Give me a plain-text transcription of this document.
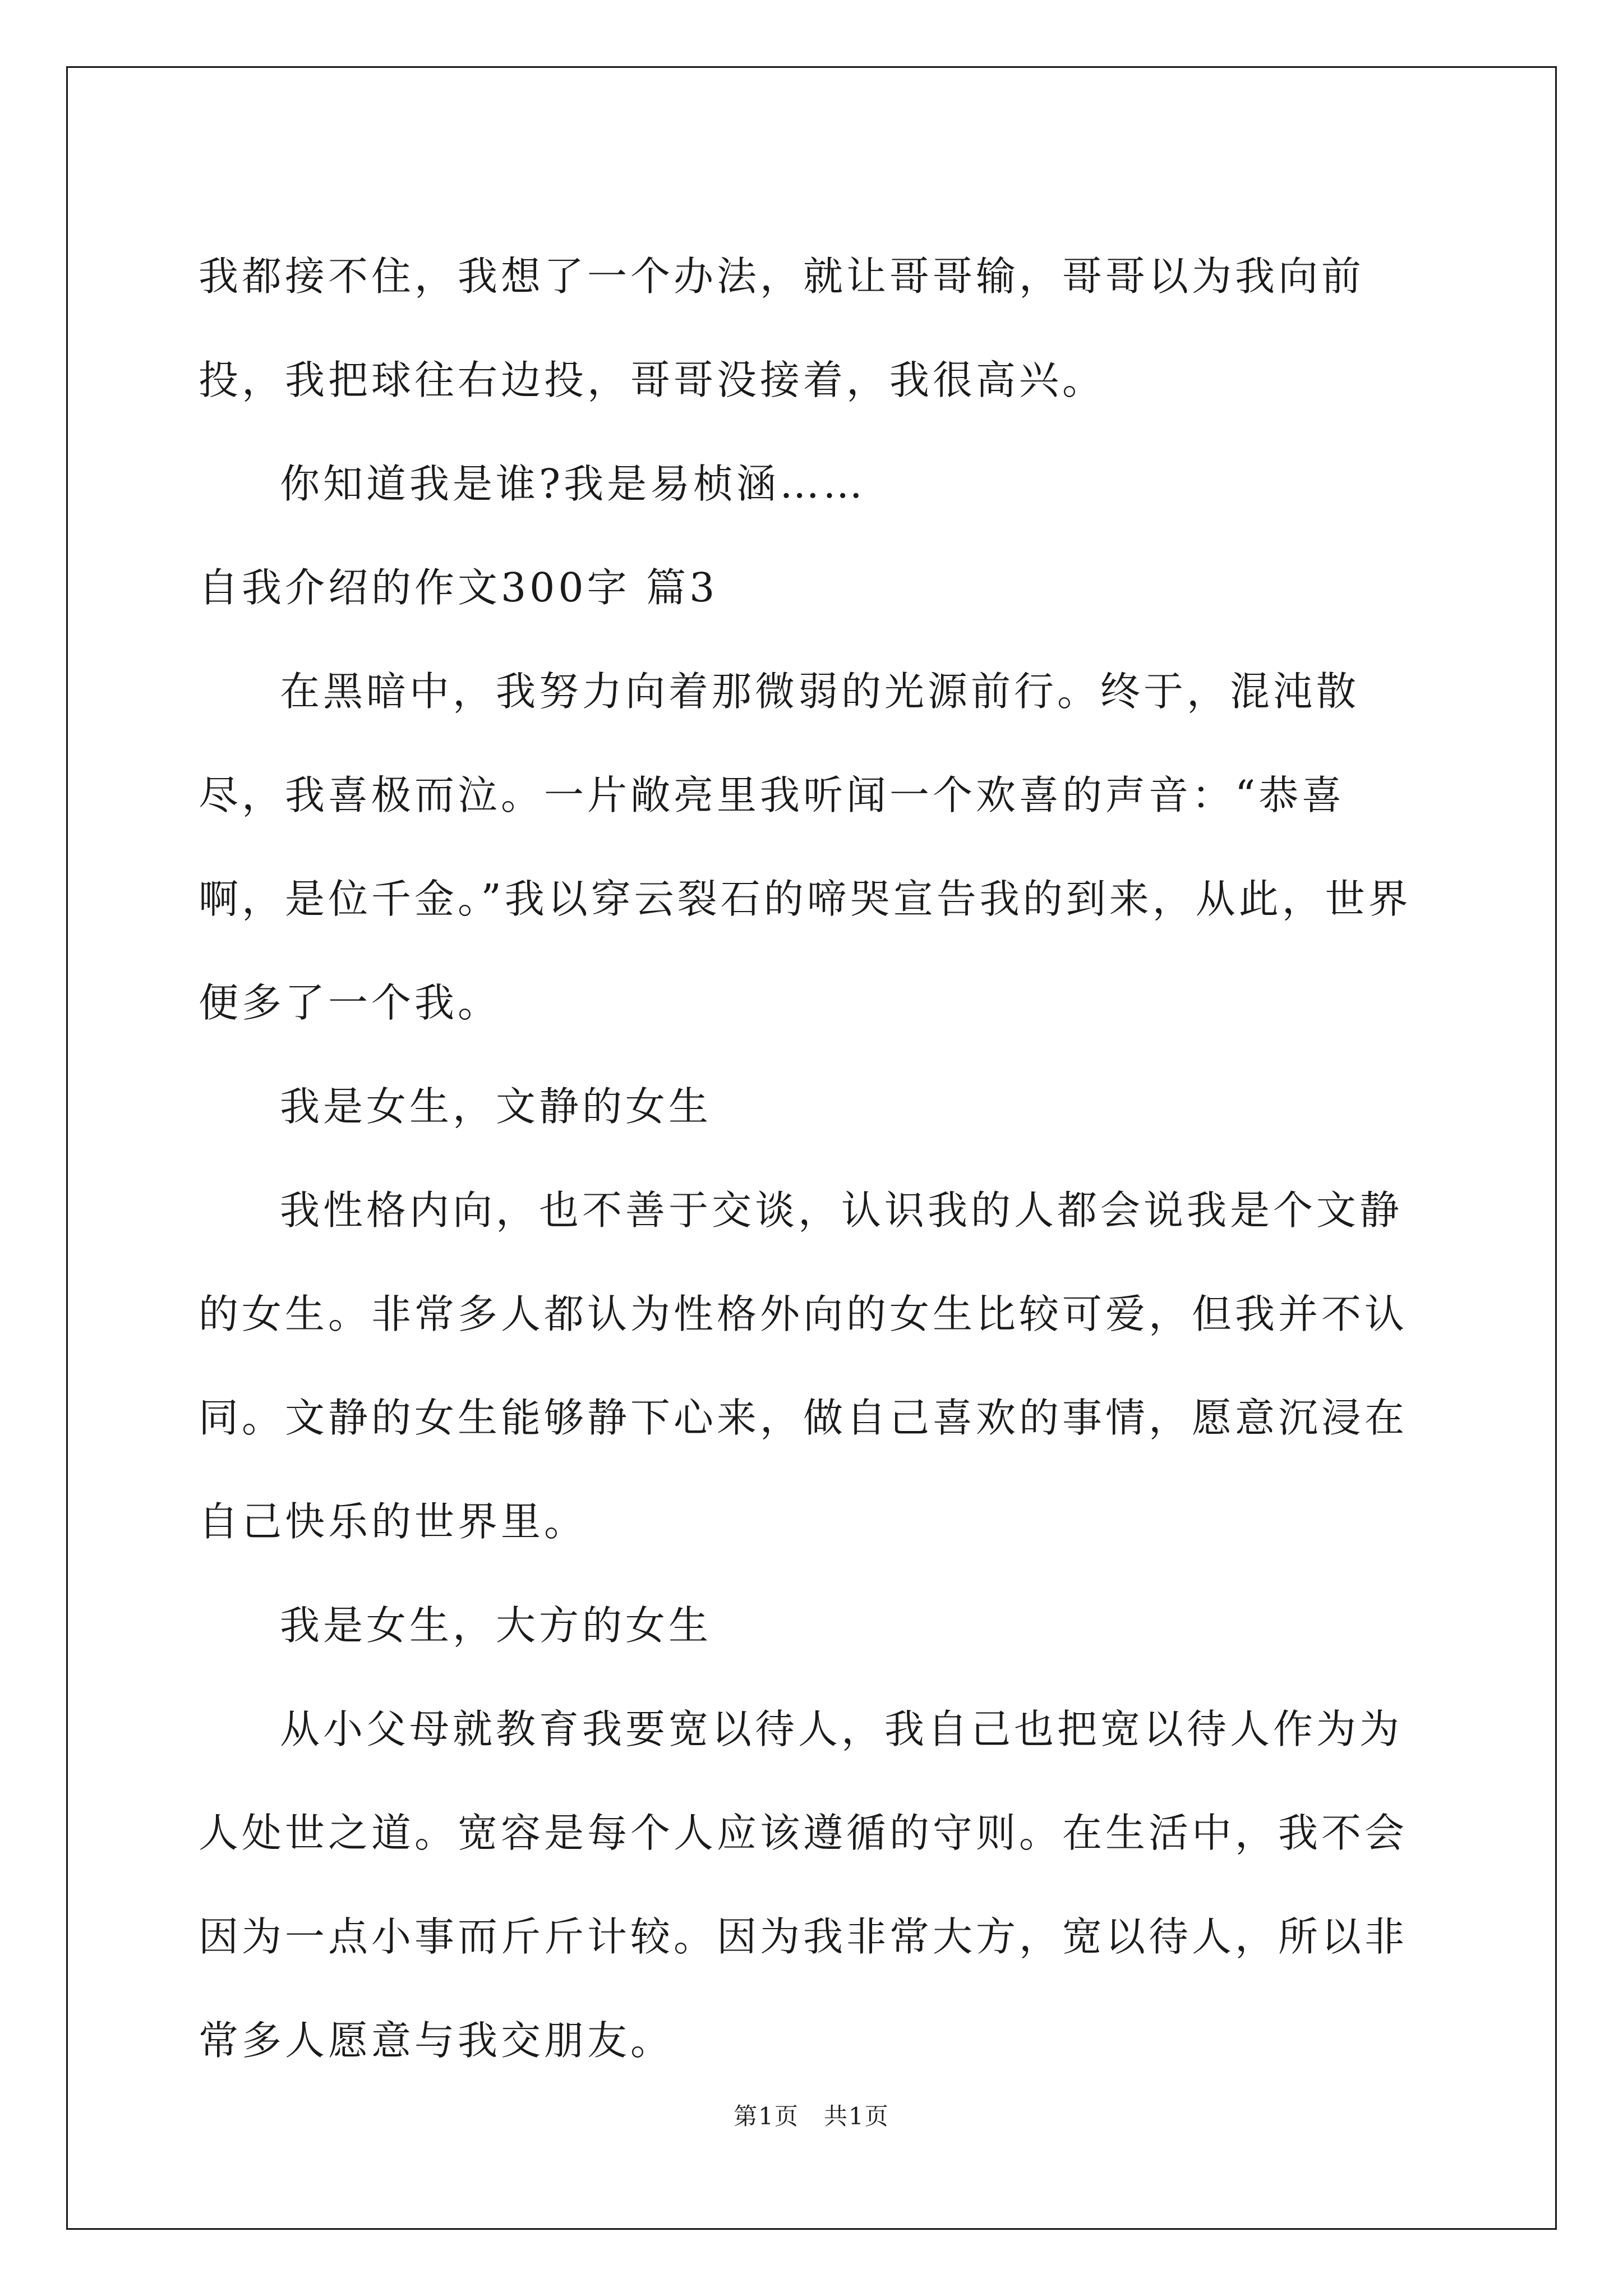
我都接不住，我想了一个办法，就让哥哥输，哥哥以为我向前投，我把球往右边投，哥哥没接着，我很高兴。

你知道我是谁?我是易桢涵……

自我介绍的作文300字 篇3

在黑暗中，我努力向着那微弱的光源前行。终于，混沌散尽，我喜极而泣。一片敞亮里我听闻一个欢喜的声音：“恭喜啊，是位千金。”我以穿云裂石的啼哭宣告我的到来，从此，世界便多了一个我。

我是女生，文静的女生

我性格内向，也不善于交谈，认识我的人都会说我是个文静的女生。非常多人都认为性格外向的女生比较可爱，但我并不认同。文静的女生能够静下心来，做自己喜欢的事情，愿意沉浸在自己快乐的世界里。

我是女生，大方的女生

从小父母就教育我要宽以待人，我自己也把宽以待人作为为人处世之道。宽容是每个人应该遵循的守则。在生活中，我不会因为一点小事而斤斤计较。因为我非常大方，宽以待人，所以非常多人愿意与我交朋友。

第1页　共1页
